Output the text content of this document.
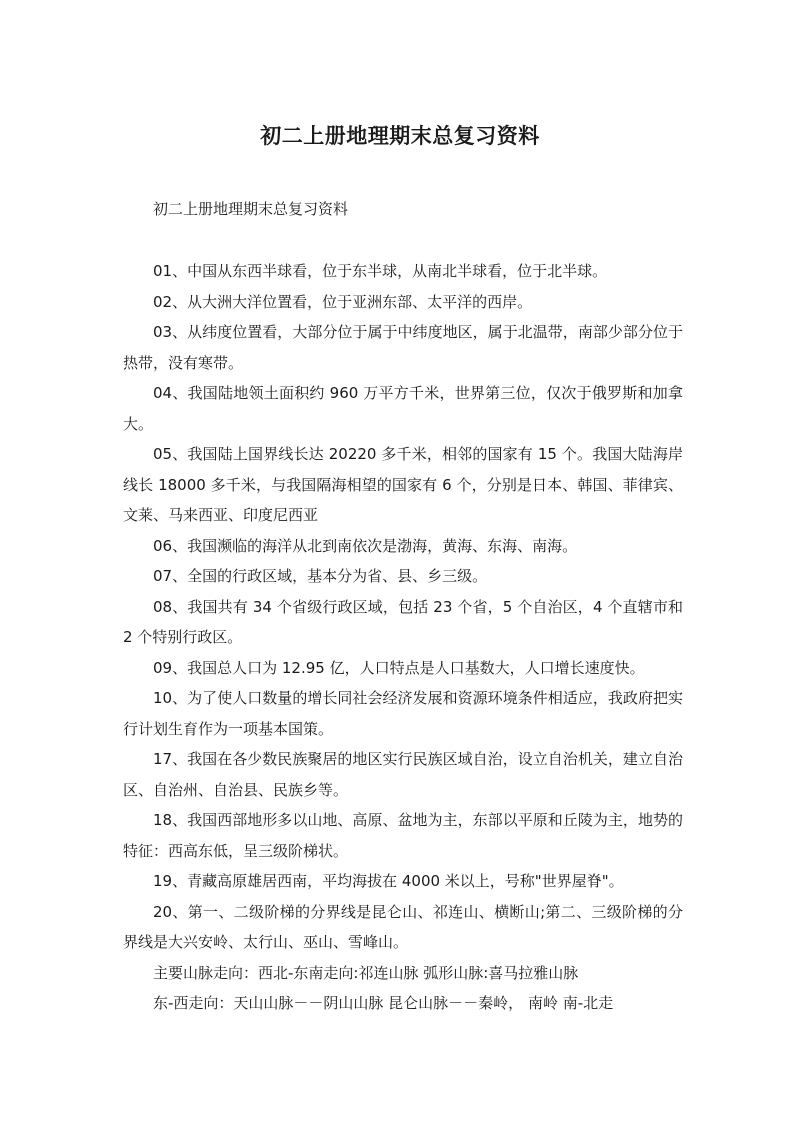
初二上册地理期末总复习资料

初二上册地理期末总复习资料

01、中国从东西半球看，位于东半球，从南北半球看，位于北半球。

02、从大洲大洋位置看，位于亚洲东部、太平洋的西岸。

03、从纬度位置看，大部分位于属于中纬度地区，属于北温带，南部少部分位于热带，没有寒带。

04、我国陆地领土面积约 960 万平方千米，世界第三位，仅次于俄罗斯和加拿大。

05、我国陆上国界线长达 20220 多千米，相邻的国家有 15 个。我国大陆海岸线长 18000 多千米，与我国隔海相望的国家有 6 个，分别是日本、韩国、菲律宾、文莱、马来西亚、印度尼西亚

06、我国濒临的海洋从北到南依次是渤海，黄海、东海、南海。

07、全国的行政区域，基本分为省、县、乡三级。

08、我国共有 34 个省级行政区域，包括 23 个省，5 个自治区，4 个直辖市和 2 个特别行政区。

09、我国总人口为 12.95 亿，人口特点是人口基数大，人口增长速度快。

10、为了使人口数量的增长同社会经济发展和资源环境条件相适应，我政府把实行计划生育作为一项基本国策。

17、我国在各少数民族聚居的地区实行民族区域自治，设立自治机关，建立自治区、自治州、自治县、民族乡等。

18、我国西部地形多以山地、高原、盆地为主，东部以平原和丘陵为主，地势的特征：西高东低，呈三级阶梯状。

19、青藏高原雄居西南，平均海拔在 4000 米以上，号称"世界屋脊"。

20、第一、二级阶梯的分界线是昆仑山、祁连山、横断山;第二、三级阶梯的分界线是大兴安岭、太行山、巫山、雪峰山。

主要山脉走向：西北-东南走向:祁连山脉 弧形山脉:喜马拉雅山脉

东-西走向：天山山脉－－阴山山脉 昆仑山脉－－秦岭， 南岭 南-北走
